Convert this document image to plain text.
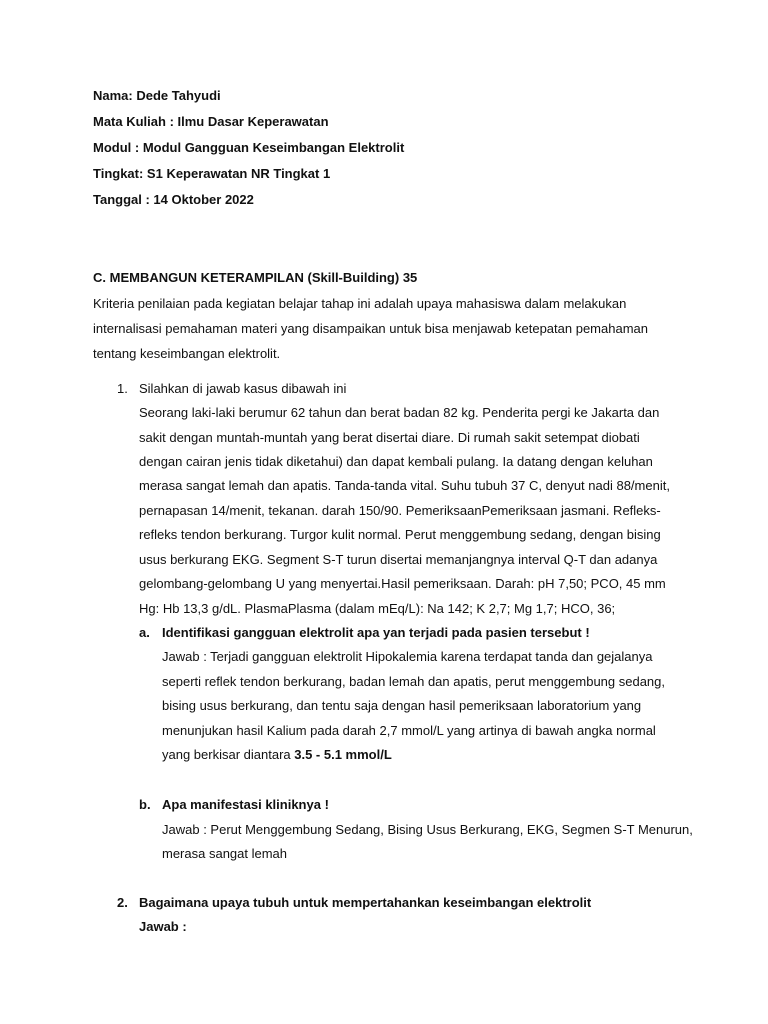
Nama: Dede Tahyudi

Mata Kuliah : Ilmu Dasar Keperawatan

Modul : Modul Gangguan Keseimbangan Elektrolit

Tingkat: S1 Keperawatan NR Tingkat 1

Tanggal : 14 Oktober 2022

C. MEMBANGUN KETERAMPILAN (Skill-Building) 35

Kriteria penilaian pada kegiatan belajar tahap ini adalah upaya mahasiswa dalam melakukan

internalisasi pemahaman materi yang disampaikan untuk bisa menjawab ketepatan pemahaman

tentang keseimbangan elektrolit.

1. Silahkan di jawab kasus dibawah ini

Seorang laki-laki berumur 62 tahun dan berat badan 82 kg. Penderita pergi ke Jakarta dan

sakit dengan muntah-muntah yang berat disertai diare. Di rumah sakit setempat diobati

dengan cairan jenis tidak diketahui) dan dapat kembali pulang. Ia datang dengan keluhan

merasa sangat lemah dan apatis. Tanda-tanda vital. Suhu tubuh 37 C, denyut nadi 88/menit,

pernapasan 14/menit, tekanan. darah 150/90. PemeriksaanPemeriksaan jasmani. Refleks-

refleks tendon berkurang. Turgor kulit normal. Perut menggembung sedang, dengan bising

usus berkurang EKG. Segment S-T turun disertai memanjangnya interval Q-T dan adanya

gelombang-gelombang U yang menyertai.Hasil pemeriksaan. Darah: pH 7,50; PCO, 45 mm

Hg: Hb 13,3 g/dL. PlasmaPlasma (dalam mEq/L): Na 142; K 2,7; Mg 1,7; HCO, 36;

a. Identifikasi gangguan elektrolit apa yan terjadi pada pasien tersebut !

Jawab : Terjadi gangguan elektrolit Hipokalemia karena terdapat tanda dan gejalanya

seperti reflek tendon berkurang, badan lemah dan apatis, perut menggembung sedang,

bising usus berkurang, dan tentu saja dengan hasil pemeriksaan laboratorium yang

menunjukan hasil Kalium pada darah 2,7 mmol/L yang artinya di bawah angka normal

yang berkisar diantara 3.5 - 5.1 mmol/L

b. Apa manifestasi kliniknya !

Jawab : Perut Menggembung Sedang, Bising Usus Berkurang, EKG, Segmen S-T Menurun,

merasa sangat lemah

2. Bagaimana upaya tubuh untuk mempertahankan keseimbangan elektrolit

Jawab :
